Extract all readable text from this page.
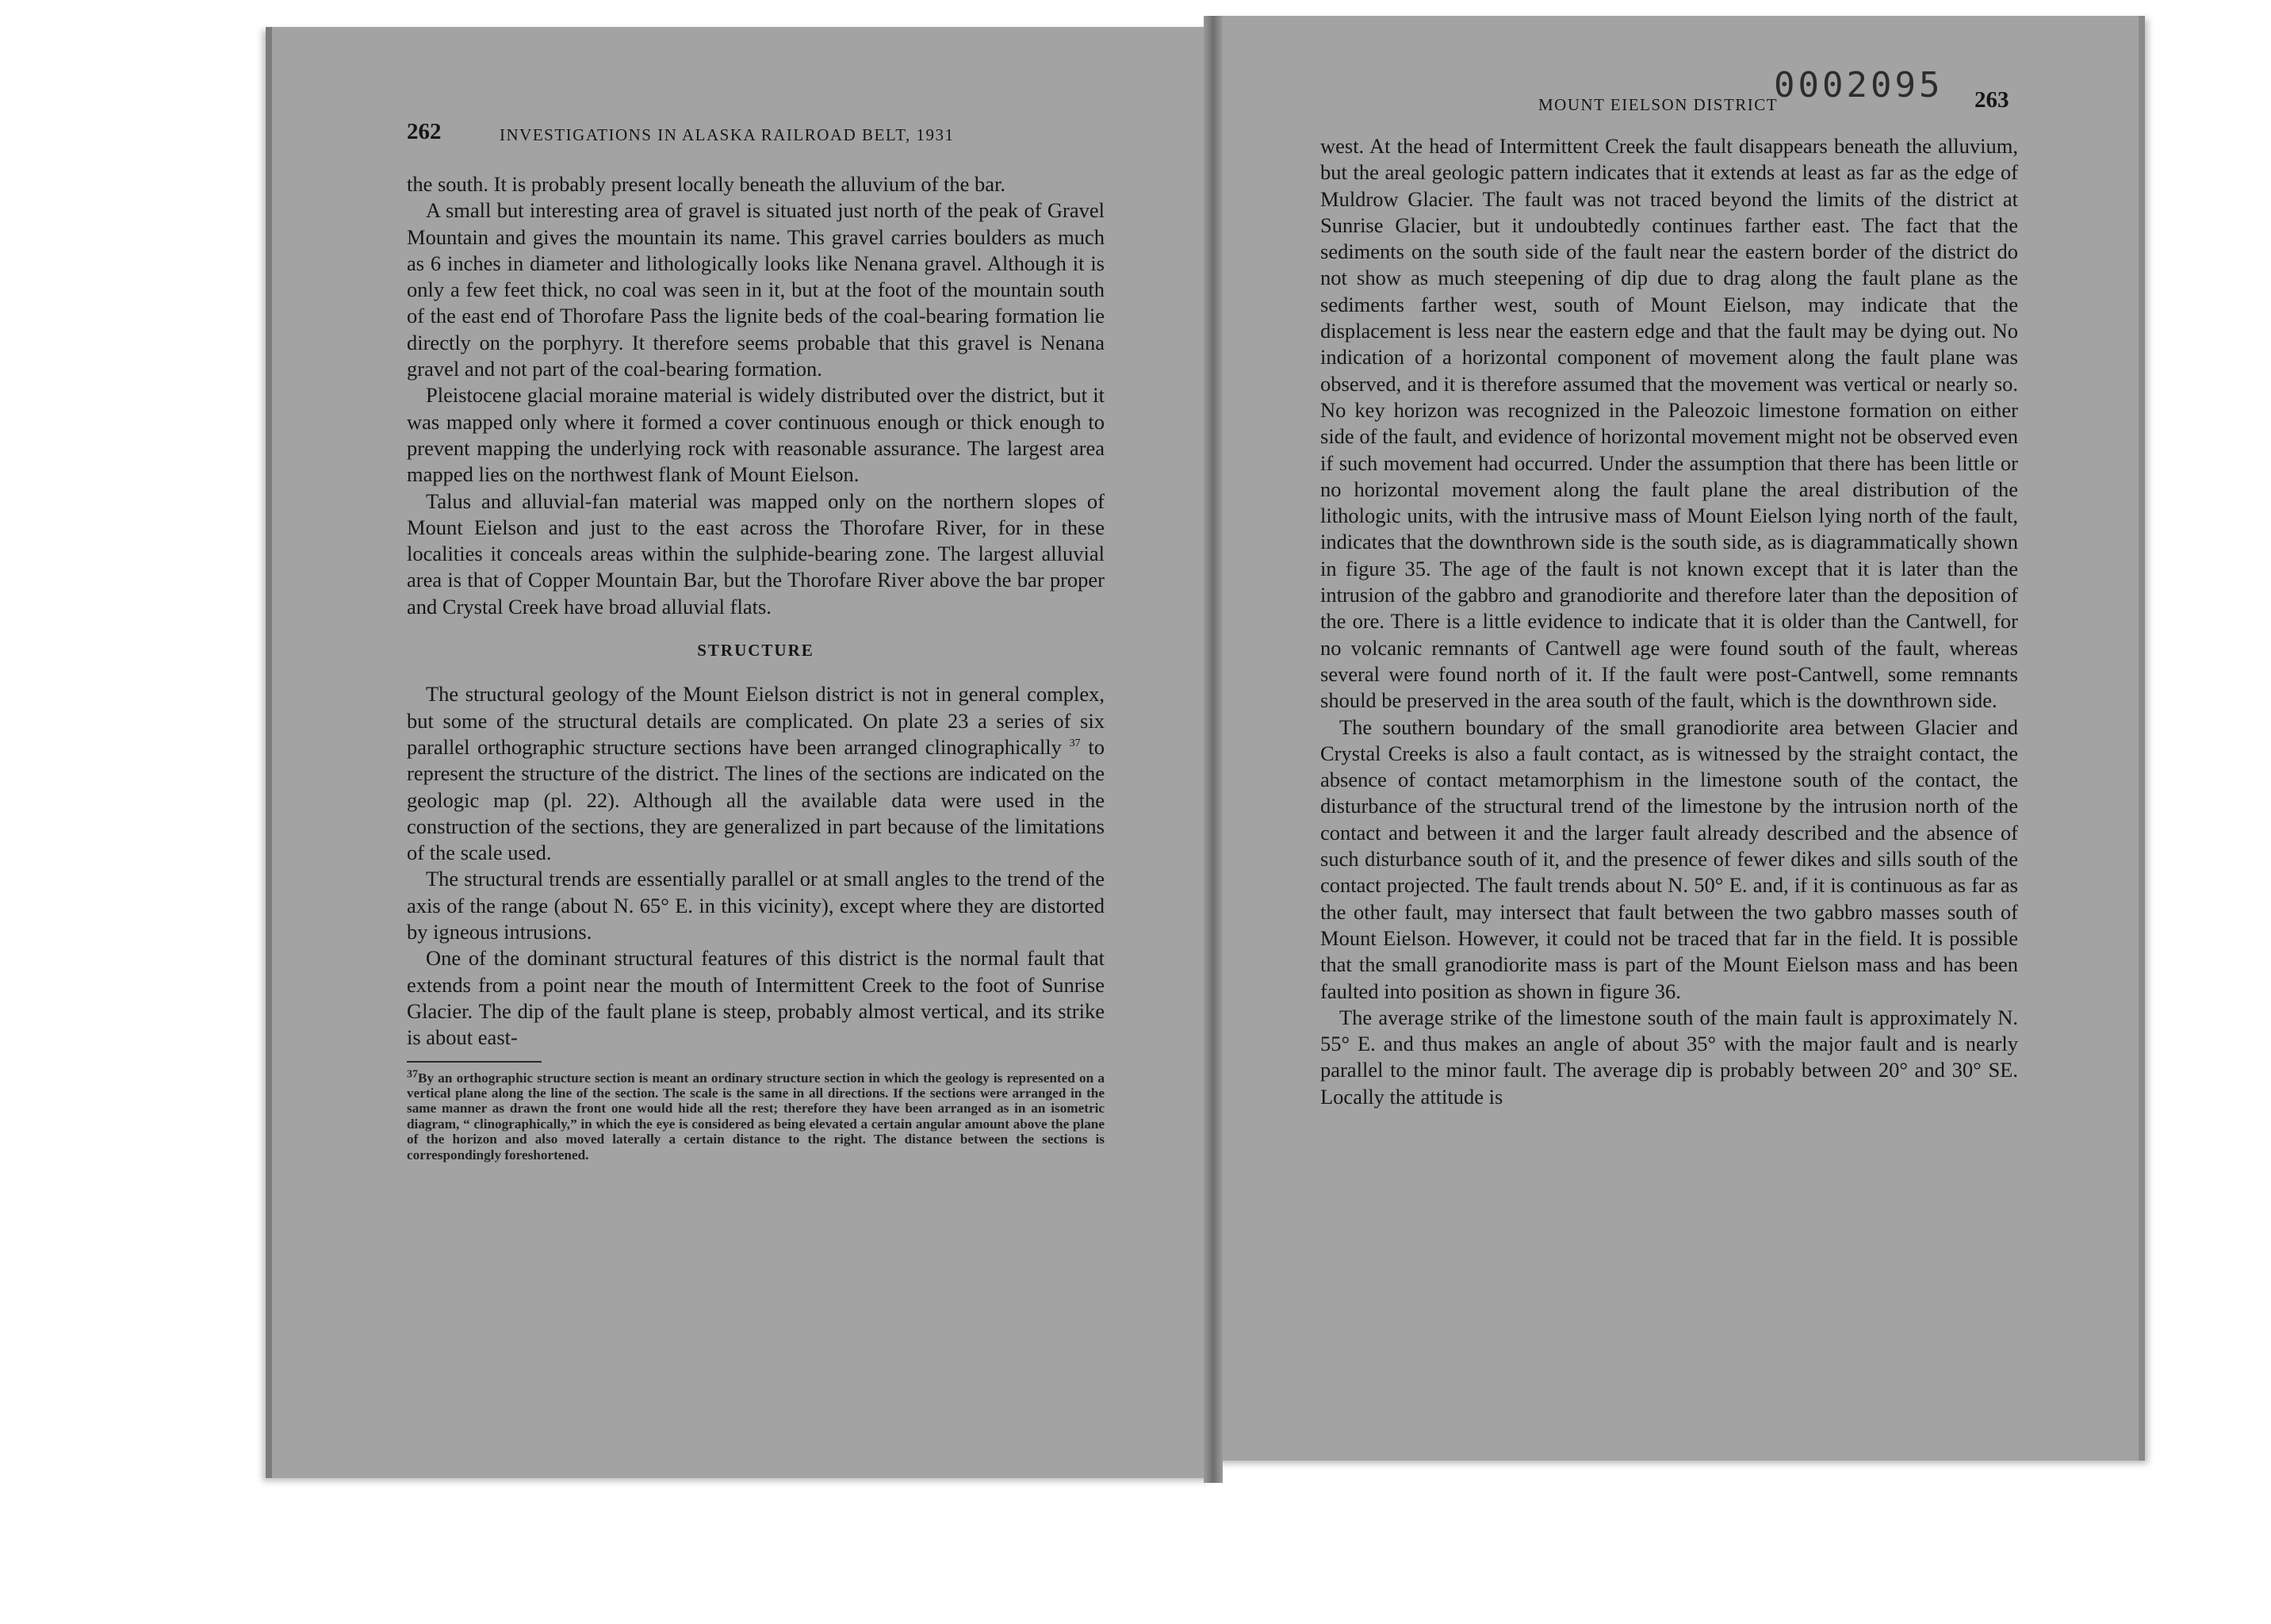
262	INVESTIGATIONS IN ALASKA RAILROAD BELT, 1931

the south. It is probably present locally beneath the alluvium of the bar.

A small but interesting area of gravel is situated just north of the peak of Gravel Mountain and gives the mountain its name. This gravel carries boulders as much as 6 inches in diameter and lithologically looks like Nenana gravel. Although it is only a few feet thick, no coal was seen in it, but at the foot of the mountain south of the east end of Thorofare Pass the lignite beds of the coal-bearing formation lie directly on the porphyry. It therefore seems probable that this gravel is Nenana gravel and not part of the coal-bearing formation.

Pleistocene glacial moraine material is widely distributed over the district, but it was mapped only where it formed a cover continuous enough or thick enough to prevent mapping the underlying rock with reasonable assurance. The largest area mapped lies on the northwest flank of Mount Eielson.

Talus and alluvial-fan material was mapped only on the northern slopes of Mount Eielson and just to the east across the Thorofare River, for in these localities it conceals areas within the sulphide-bearing zone. The largest alluvial area is that of Copper Mountain Bar, but the Thorofare River above the bar proper and Crystal Creek have broad alluvial flats.

STRUCTURE

The structural geology of the Mount Eielson district is not in general complex, but some of the structural details are complicated. On plate 23 a series of six parallel orthographic structure sections have been arranged clinographically $^{37}$ to represent the structure of the district. The lines of the sections are indicated on the geologic map (pl. 22). Although all the available data were used in the construction of the sections, they are generalized in part because of the limitations of the scale used.

The structural trends are essentially parallel or at small angles to the trend of the axis of the range (about N. 65° E. in this vicinity), except where they are distorted by igneous intrusions.

One of the dominant structural features of this district is the normal fault that extends from a point near the mouth of Intermittent Creek to the foot of Sunrise Glacier. The dip of the fault plane is steep, probably almost vertical, and its strike is about east-

$^{37}$By an orthographic structure section is meant an ordinary structure section in which the geology is represented on a vertical plane along the line of the section. The scale is the same in all directions. If the sections were arranged in the same manner as drawn the front one would hide all the rest; therefore they have been arranged as in an isometric diagram, “ clinographically,” in which the eye is considered as being elevated a certain angular amount above the plane of the horizon and also moved laterally a certain distance to the right. The distance between the sections is correspondingly foreshortened.
MOUNT EIELSON DISTRICT
0002095 263

west. At the head of Intermittent Creek the fault disappears beneath the alluvium, but the areal geologic pattern indicates that it extends at least as far as the edge of Muldrow Glacier. The fault was not traced beyond the limits of the district at Sunrise Glacier, but it undoubtedly continues farther east. The fact that the sediments on the south side of the fault near the eastern border of the district do not show as much steepening of dip due to drag along the fault plane as the sediments farther west, south of Mount Eielson, may indicate that the displacement is less near the eastern edge and that the fault may be dying out. No indication of a horizontal component of movement along the fault plane was observed, and it is therefore assumed that the movement was vertical or nearly so. No key horizon was recognized in the Paleozoic limestone formation on either side of the fault, and evidence of horizontal movement might not be observed even if such movement had occurred. Under the assumption that there has been little or no horizontal movement along the fault plane the areal distribution of the lithologic units, with the intrusive mass of Mount Eielson lying north of the fault, indicates that the downthrown side is the south side, as is diagrammatically shown in figure 35. The age of the fault is not known except that it is later than the intrusion of the gabbro and granodiorite and therefore later than the deposition of the ore. There is a little evidence to indicate that it is older than the Cantwell, for no volcanic remnants of Cantwell age were found south of the fault, whereas several were found north of it. If the fault were post-Cantwell, some remnants should be preserved in the area south of the fault, which is the downthrown side.

The southern boundary of the small granodiorite area between Glacier and Crystal Creeks is also a fault contact, as is witnessed by the straight contact, the absence of contact metamorphism in the limestone south of the contact, the disturbance of the structural trend of the limestone by the intrusion north of the contact and between it and the larger fault already described and the absence of such disturbance south of it, and the presence of fewer dikes and sills south of the contact projected. The fault trends about N. 50° E. and, if it is continuous as far as the other fault, may intersect that fault between the two gabbro masses south of Mount Eielson. However, it could not be traced that far in the field. It is possible that the small granodiorite mass is part of the Mount Eielson mass and has been faulted into position as shown in figure 36.

The average strike of the limestone south of the main fault is approximately N. 55° E. and thus makes an angle of about 35° with the major fault and is nearly parallel to the minor fault. The average dip is probably between 20° and 30° SE. Locally the attitude is
